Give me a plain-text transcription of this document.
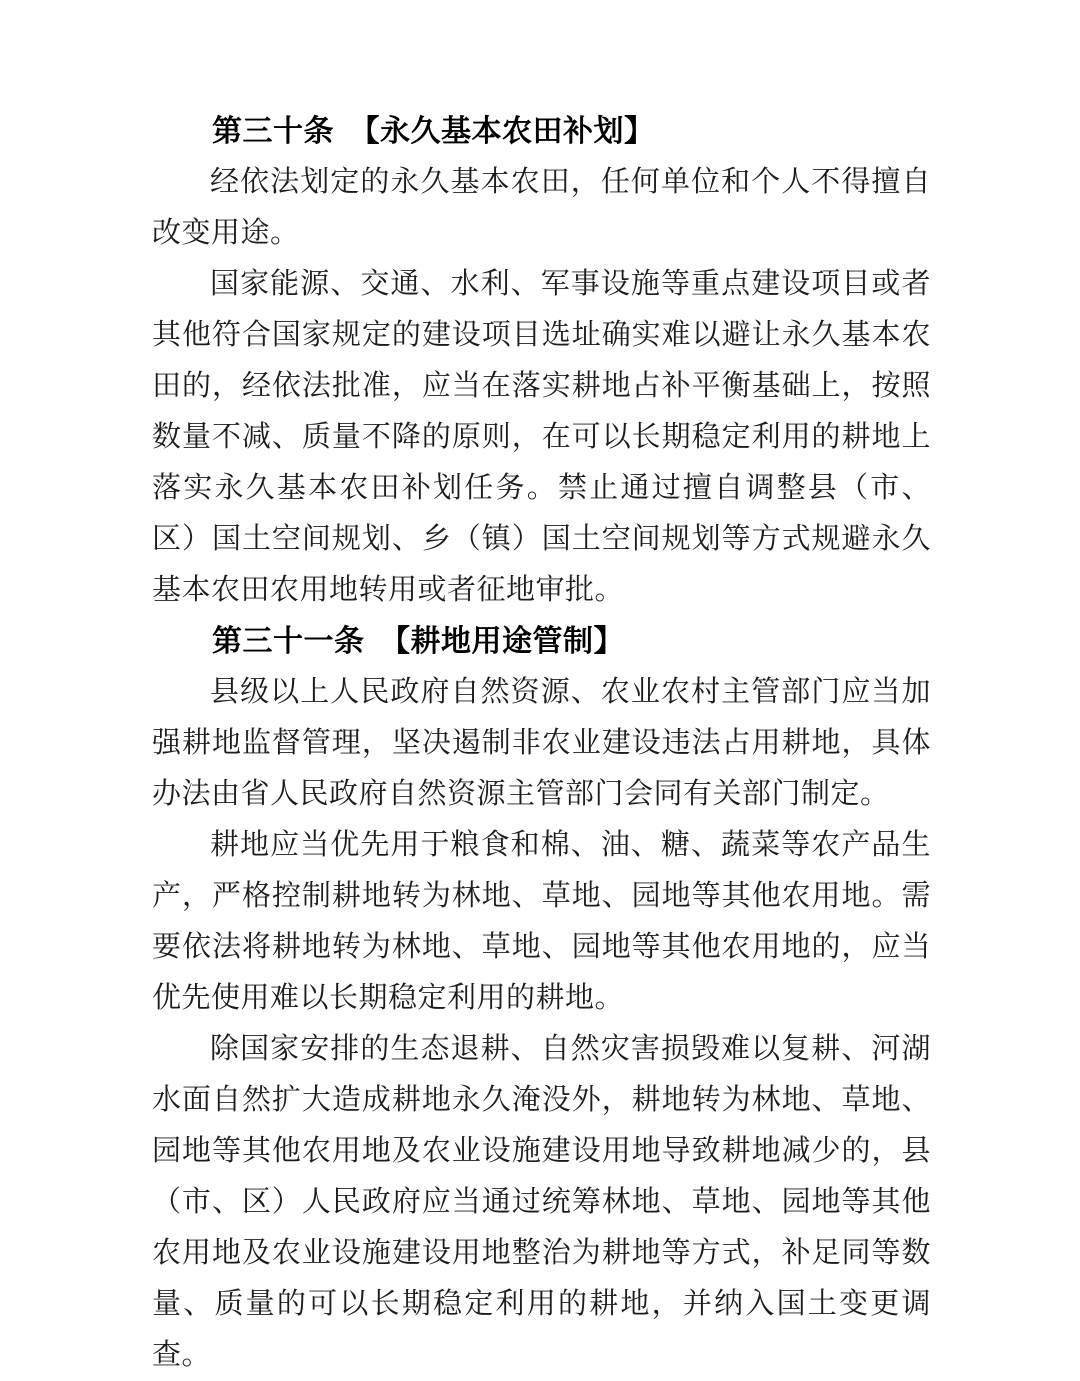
第三十条　【永久基本农田补划】

经依法划定的永久基本农田，任何单位和个人不得擅自改变用途。

国家能源、交通、水利、军事设施等重点建设项目或者其他符合国家规定的建设项目选址确实难以避让永久基本农田的，经依法批准，应当在落实耕地占补平衡基础上，按照数量不减、质量不降的原则，在可以长期稳定利用的耕地上落实永久基本农田补划任务。禁止通过擅自调整县（市、区）国土空间规划、乡（镇）国土空间规划等方式规避永久基本农田农用地转用或者征地审批。

第三十一条　【耕地用途管制】

县级以上人民政府自然资源、农业农村主管部门应当加强耕地监督管理，坚决遏制非农业建设违法占用耕地，具体办法由省人民政府自然资源主管部门会同有关部门制定。

耕地应当优先用于粮食和棉、油、糖、蔬菜等农产品生产，严格控制耕地转为林地、草地、园地等其他农用地。需要依法将耕地转为林地、草地、园地等其他农用地的，应当优先使用难以长期稳定利用的耕地。

除国家安排的生态退耕、自然灾害损毁难以复耕、河湖水面自然扩大造成耕地永久淹没外，耕地转为林地、草地、园地等其他农用地及农业设施建设用地导致耕地减少的，县（市、区）人民政府应当通过统筹林地、草地、园地等其他农用地及农业设施建设用地整治为耕地等方式，补足同等数量、质量的可以长期稳定利用的耕地，并纳入国土变更调查。
